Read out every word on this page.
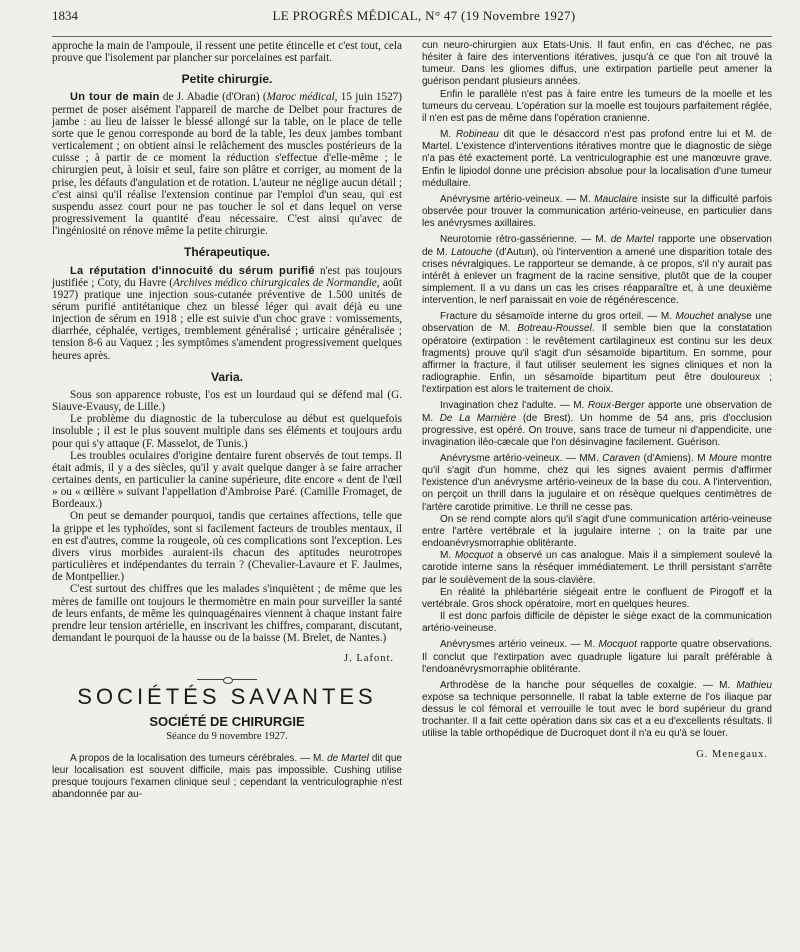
1834	LE PROGRÈS MÉDICAL, N° 47 (19 Novembre 1927)

approche la main de l'ampoule, il ressent une petite étincelle et c'est tout, cela prouve que l'isolement par plancher sur porcelaines est parfait.

Petite chirurgie.

Un tour de main de J. Abadie (d'Oran) (Maroc médical, 15 juin 1527) permet de poser aisément l'appareil de marche de Delbet pour fractures de jambe : au lieu de laisser le blessé allongé sur la table, on le place de telle sorte que le genou corresponde au bord de la table, les deux jambes tombant verticalement ; on obtient ainsi le relâchement des muscles postérieurs de la cuisse ; à partir de ce moment la réduction s'effectue d'elle-même ; le chirurgien peut, à loisir et seul, faire son plâtre et corriger, au moment de la prise, les défauts d'angulation et de rotation. L'auteur ne néglige aucun détail ; c'est ainsi qu'il réalise l'extension continue par l'emploi d'un seau, qui est suspendu assez court pour ne pas toucher le sol et dans lequel on verse progressivement la quantité d'eau nécessaire. C'est ainsi qu'avec de l'ingéniosité on rénove même la petite chirurgie.

Thérapeutique.

La réputation d'innocuité du sérum purifié n'est pas toujours justifiée ; Coty, du Havre (Archives médico chirurgicales de Normandie, août 1927) pratique une injection sous-cutanée préventive de 1.500 unités de sérum purifié antitétanique chez un blessé léger qui avait déjà eu une injection de sérum en 1918 ; elle est suivie d'un choc grave : vomissements, diarrhée, céphalée, vertiges, tremblement généralisé ; urticaire généralisée ; tension 8-6 au Vaquez ; les symptômes s'amendent progressivement quelques heures après.

Varia.

Sous son apparence robuste, l'os est un lourdaud qui se défend mal (G. Siauve-Evausy, de Lille.)

Le problème du diagnostic de la tuberculose au début est quelquefois insoluble ; il est le plus souvent multiple dans ses éléments et toujours ardu pour qui s'y attaque (F. Masselot, de Tunis.)

Les troubles oculaires d'origine dentaire furent observés de tout temps. Il était admis, il y a des siècles, qu'il y avait quelque danger à se faire arracher certaines dents, en particulier la canine supérieure, dite encore « dent de l'œil » ou « œillère » suivant l'appellation d'Ambroise Paré. (Camille Fromaget, de Bordeaux.)

On peut se demander pourquoi, tandis que certaines affections, telle que la grippe et les typhoïdes, sont si facilement facteurs de troubles mentaux, il en est d'autres, comme la rougeole, où ces complications sont l'exception. Les divers virus morbides auraient-ils chacun des aptitudes neurotropes particulières et indépendantes du terrain ? (Chevalier-Lavaure et F. Jaulmes, de Montpellier.)

C'est surtout des chiffres que les malades s'inquiètent ; de même que les mères de famille ont toujours le thermomètre en main pour surveiller la santé de leurs enfants, de même les quinquagénaires viennent à chaque instant faire prendre leur tension artérielle, en inscrivant les chiffres, comparant, discutant, demandant le pourquoi de la hausse ou de la baisse (M. Brelet, de Nantes.)

J. Lafont.
SOCIÉTÉS SAVANTES
SOCIÉTÉ DE CHIRURGIE
Séance du 9 novembre 1927.

A propos de la localisation des tumeurs cérébrales. — M. de Martel dit que leur localisation est souvent difficile, mais pas impossible. Cushing utilise presque toujours l'examen clinique seul ; cependant la ventriculographie n'est abandonnée par au-

cun neuro-chirurgien aux Etats-Unis. Il faut enfin, en cas d'échec, ne pas hésiter à faire des interventions itératives, jusqu'à ce que l'on ait trouvé la tumeur. Dans les gliomes diffus, une extirpation partielle peut amener la guérison pendant plusieurs années.

Enfin le parallèle n'est pas à faire entre les tumeurs de la moelle et les tumeurs du cerveau. L'opération sur la moelle est toujours parfaitement réglée, il n'en est pas de même dans l'opération cranienne.

M. Robineau dit que le désaccord n'est pas profond entre lui et M. de Martel. L'existence d'interventions itératives montre que le diagnostic de siège n'a pas été exactement porté. La ventriculographie est une manœuvre grave. Enfin le lipiodol donne une précision absolue pour la localisation d'une tumeur médullaire.

Anévrysme artério-veineux. — M. Mauclaire insiste sur la difficulté parfois observée pour trouver la communication artério-veineuse, en particulier dans les anévrysmes axillaires.

Neurotomie rétro-gassérienne. — M. de Martel rapporte une observation de M. Latouche (d'Autun), où l'intervention a amené une disparition totale des crises névralgiques. Le rapporteur se demande, à ce propos, s'il n'y aurait pas intérêt à enlever un fragment de la racine sensitive, plutôt que de la couper simplement. Il a vu dans un cas les crises réapparaître et, à une deuxième intervention, le nerf paraissait en voie de régénérescence.

Fracture du sésamoïde interne du gros orteil. — M. Mouchet analyse une observation de M. Botreau-Roussel. Il semble bien que la constatation opératoire (extirpation : le revêtement cartilagineux est continu sur les deux fragments) prouve qu'il s'agit d'un sésamoïde bipartitum. En somme, pour affirmer la fracture, il faut utiliser seulement les signes cliniques et non la radiographie. Enfin, un sésamoïde bipartitum peut être douloureux ; l'extirpation est alors le traitement de choix.

Invagination chez l'adulte. — M. Roux-Berger apporte une observation de M. De La Marnière (de Brest). Un homme de 54 ans, pris d'occlusion progressive, est opéré. On trouve, sans trace de tumeur ni d'appendicite, une invagination iléo-cæcale que l'on désinvagine facilement. Guérison.

Anévrysme artério-veineux. — MM. Caraven (d'Amiens). M Moure montre qu'il s'agit d'un homme, chez qui les signes avaient permis d'affirmer l'existence d'un anévrysme artério-veineux de la base du cou. A l'intervention, on perçoit un thrill dans la jugulaire et on résèque quelques centimètres de l'artère carotide primitive. Le thrill ne cesse pas.

On se rend compte alors qu'il s'agit d'une communication artério-veineuse entre l'artère vertébrale et la jugulaire interne ; on la traite par une endoanévrysmorraphie oblitérante.

M. Mocquot a observé un cas analogue. Mais il a simplement soulevé la carotide interne sans la réséquer immédiatement. Le thrill persistant s'arrête par le soulèvement de la sous-clavière.

En réalité la phlébartérie siégeait entre le confluent de Pirogoff et la vertébrale. Gros shock opératoire, mort en quelques heures.

Il est donc parfois difficile de dépister le siège exact de la communication artério-veineuse.

Anévrysmes artério veineux. — M. Mocquot rapporte quatre observations. Il conclut que l'extirpation avec quadruple ligature lui paraît préférable à l'endoanévrysmorraphie oblitérante.

Arthrodèse de la hanche pour séquelles de coxalgie. — M. Mathieu expose sa technique personnelle. Il rabat la table externe de l'os iliaque par dessus le col fémoral et verrouille le tout avec le bord supérieur du grand trochanter. Il a fait cette opération dans six cas et a eu d'excellents résultats. Il utilise la table orthopédique de Ducroquet dont il n'a eu qu'à se louer.

G. Menegaux.
